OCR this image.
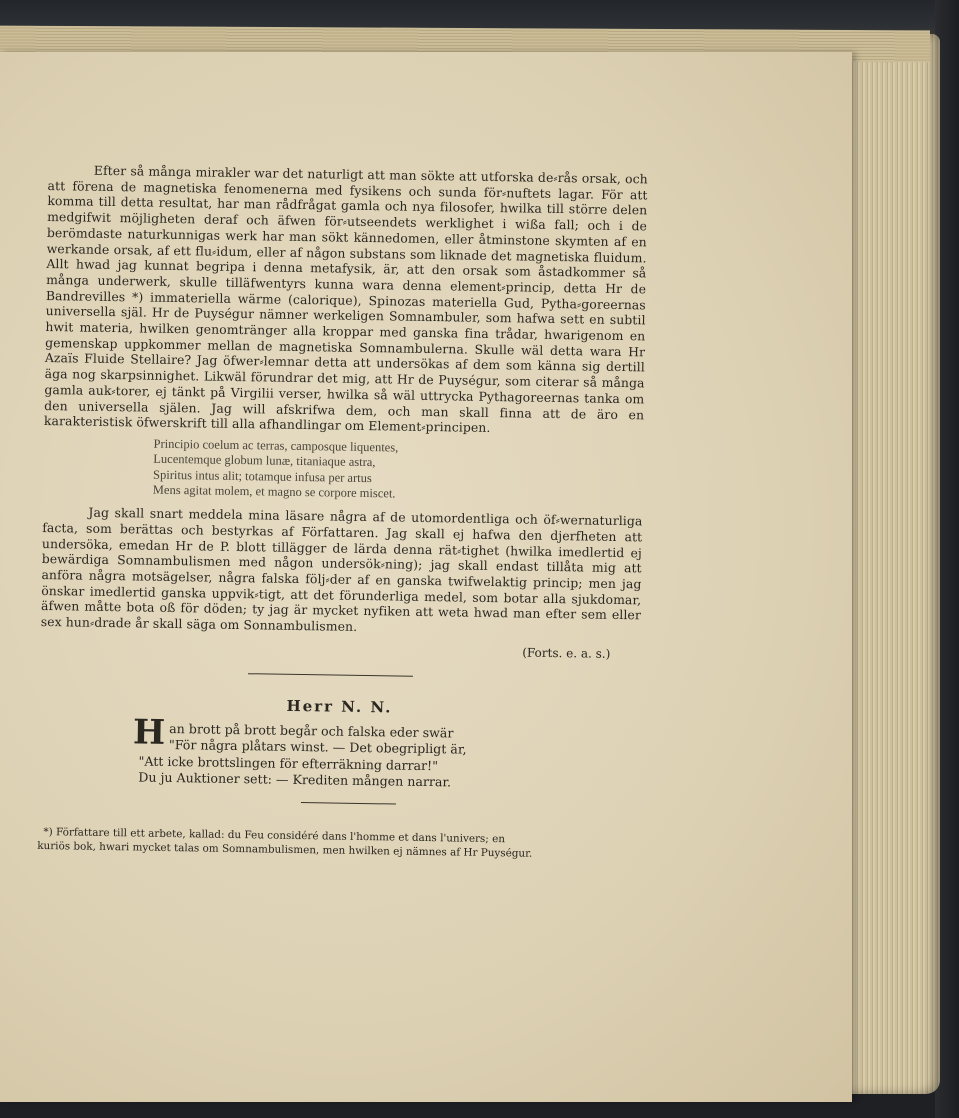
Efter så många mirakler war det naturligt att man sökte att utforska de⸗rås orsak, och att förena de magnetiska fenomenerna med fysikens och sunda för⸗nuftets lagar. För att komma till detta resultat, har man rådfrågat gamla och nya filosofer, hwilka till större delen medgifwit möjligheten deraf och äfwen för⸗utseendets werklighet i wißa fall; och i de berömdaste naturkunnigas werk har man sökt kännedomen, eller åtminstone skymten af en werkande orsak, af ett flu⸗idum, eller af någon substans som liknade det magnetiska fluidum. Allt hwad jag kunnat begripa i denna metafysik, är, att den orsak som åstadkommer så många underwerk, skulle tilläfwentyrs kunna wara denna element⸗princip, detta Hr de Bandrevilles *) immateriella wärme (calorique), Spinozas materiella Gud, Pytha⸗goreernas universella själ. Hr de Puységur nämner werkeligen Somnambuler, som hafwa sett en subtil hwit materia, hwilken genomtränger alla kroppar med ganska fina trådar, hwarigenom en gemenskap uppkommer mellan de magnetiska Somnambulerna. Skulle wäl detta wara Hr Azaïs Fluide Stellaire? Jag öfwer⸗lemnar detta att undersökas af dem som känna sig dertill äga nog skarpsinnighet. Likwäl förundrar det mig, att Hr de Puységur, som citerar så många gamla auk⸗torer, ej tänkt på Virgilii verser, hwilka så wäl uttrycka Pythagoreernas tanka om den universella själen. Jag will afskrifwa dem, och man skall finna att de äro en karakteristisk öfwerskrift till alla afhandlingar om Element⸗principen.

Principio coelum ac terras, camposque liquentes,
Lucentemque globum lunæ, titaniaque astra,
Spiritus intus alit; totamque infusa per artus
Mens agitat molem, et magno se corpore miscet.

Jag skall snart meddela mina läsare några af de utomordentliga och öf⸗wernaturliga facta, som berättas och bestyrkas af Författaren. Jag skall ej hafwa den djerfheten att undersöka, emedan Hr de P. blott tillägger de lärda denna rät⸗tighet (hwilka imedlertid ej bewärdiga Somnambulismen med någon undersök⸗ning); jag skall endast tillåta mig att anföra några motsägelser, några falska följ⸗der af en ganska twifwelaktig princip; men jag önskar imedlertid ganska uppvik⸗tigt, att det förunderliga medel, som botar alla sjukdomar, äfwen måtte bota oß för döden; ty jag är mycket nyfiken att weta hwad man efter sem eller sex hun⸗drade år skall säga om Sonnambulismen.

(Forts. e. a. s.)
Herr N. N.
Han brott på brott begår och falska eder swär
"För några plåtars winst. — Det obegripligt är,
"Att icke brottslingen för efterräkning darrar!"
Du ju Auktioner sett: — Krediten mången narrar.
*) Författare till ett arbete, kallad: du Feu considéré dans l'homme et dans l'univers; en
kuriös bok, hwari mycket talas om Somnambulismen, men hwilken ej nämnes af Hr Puységur.
